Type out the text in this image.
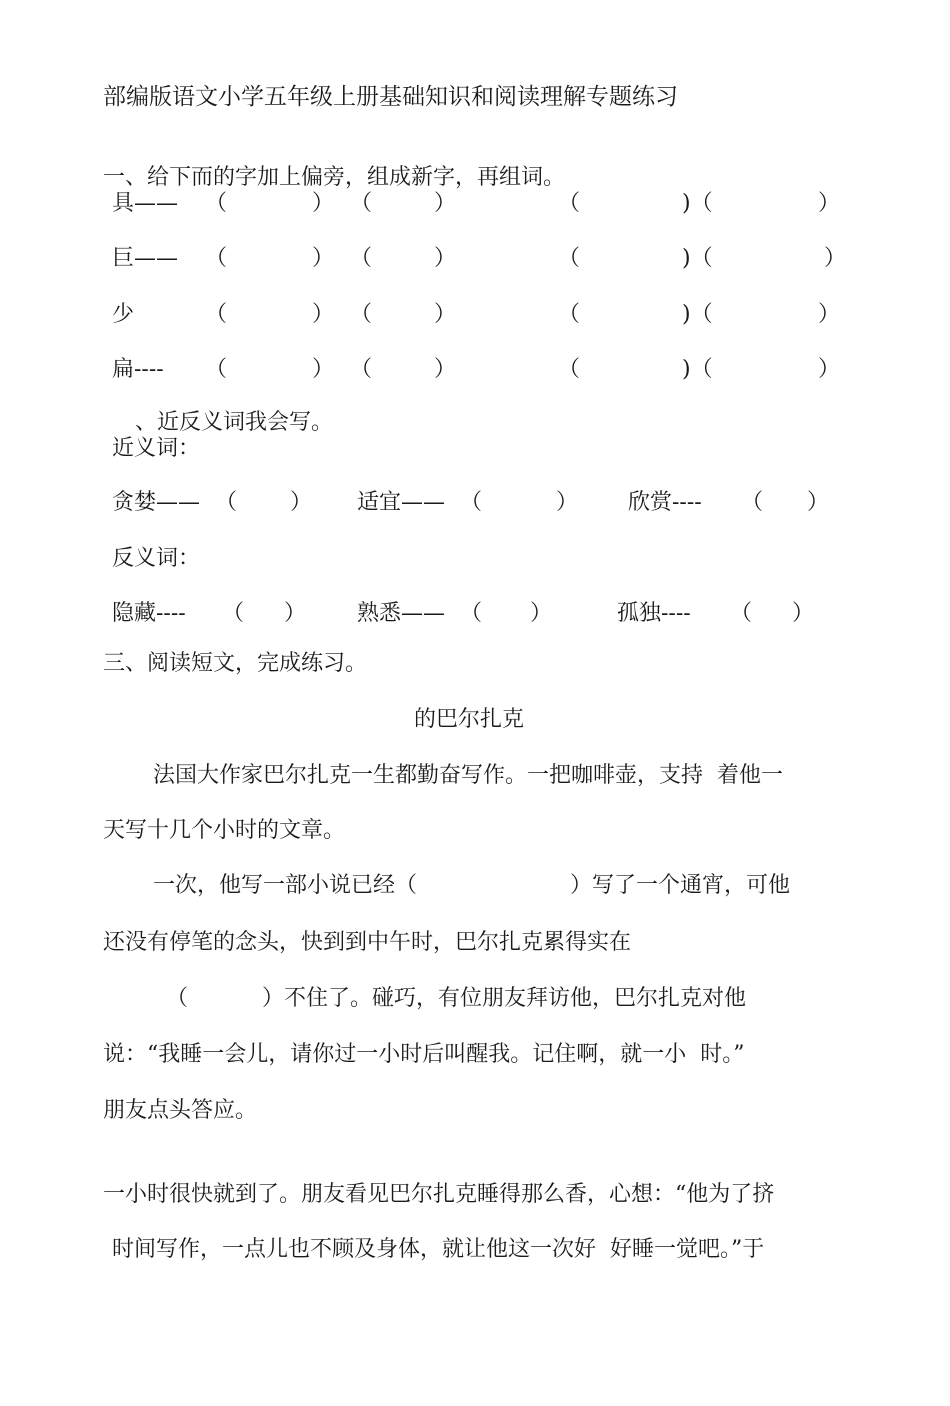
部编版语文小学五年级上册基础知识和阅读理解专题练习
一、给下而的字加上偏旁，组成新字，再组词。
具—— （	） （	）	（	)（	）
巨—— （	） （	）	（	)（	）
少	（	） （	）	（	)（	）
扁---- （	） （	）	（	)（	）
、近反义词我会写。
近义词：
贪婪—— （ ） 适宜—— （	） 欣赏---- （ ）
反义词：
隐藏---- （ ） 熟悉—— （ ）	孤独---- （ ）
三、阅读短文，完成练习。
的巴尔扎克
法国大作家巴尔扎克一生都勤奋写作。一把咖啡壶，支持  着他一
天写十几个小时的文章。
一次，他写一部小说已经（	）写了一个通宵，可他
还没有停笔的念头，快到到中午时，巴尔扎克累得实在
（	）不住了。碰巧，有位朋友拜访他，巴尔扎克对他
说：“我睡一会儿，请你过一小时后叫醒我。记住啊，就一小  时。”
朋友点头答应。
一小时很快就到了。朋友看见巴尔扎克睡得那么香，心想：“他为了挤
时间写作，一点儿也不顾及身体，就让他这一次好  好睡一觉吧。”于
